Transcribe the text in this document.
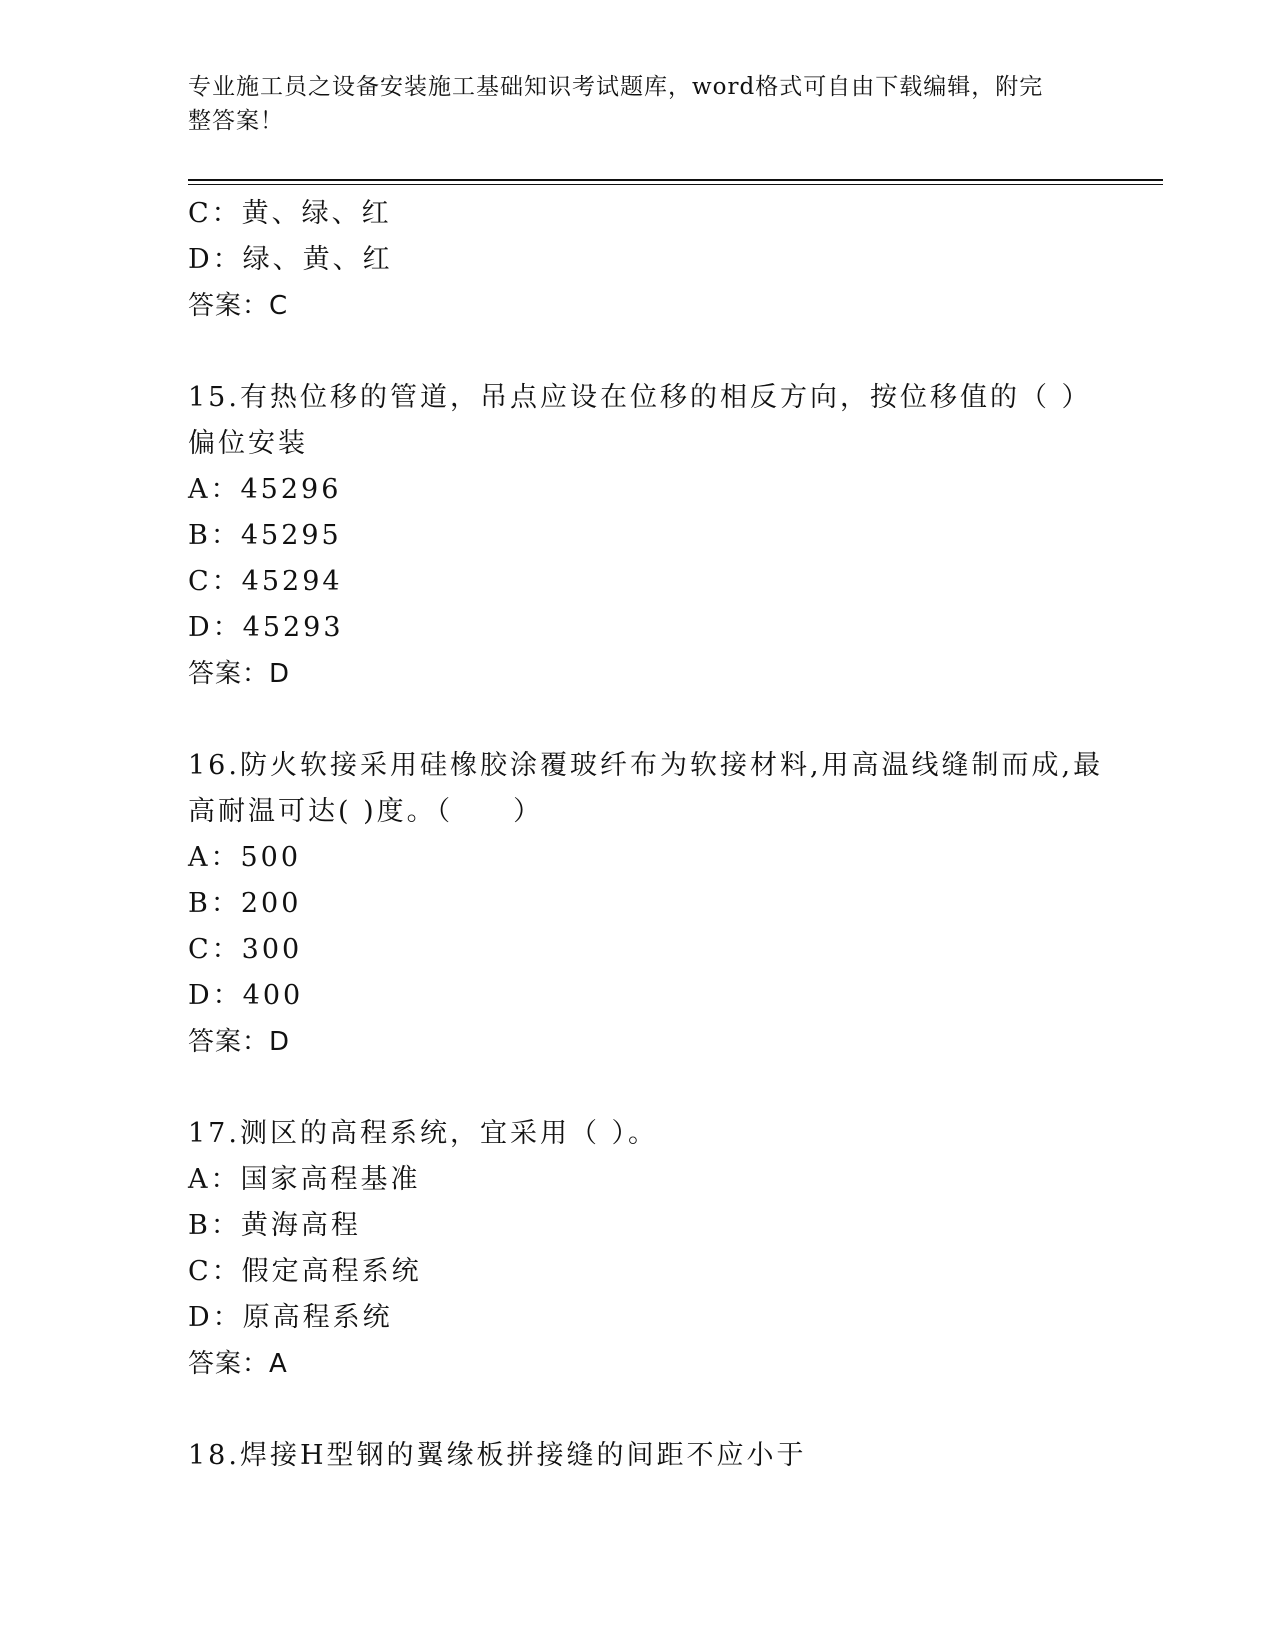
专业施工员之设备安装施工基础知识考试题库，word格式可自由下载编辑，附完
整答案！
C：黄、绿、红
D：绿、黄、红
答案：C
15.有热位移的管道，吊点应设在位移的相反方向，按位移值的（ ）
偏位安装
A：45296
B：45295
C：45294
D：45293
答案：D
16.防火软接采用硅橡胶涂覆玻纤布为软接材料,用高温线缝制而成,最
高耐温可达( )度。（　　）
A：500
B：200
C：300
D：400
答案：D
17.测区的高程系统，宜采用（ ）。
A：国家高程基准
B：黄海高程
C：假定高程系统
D：原高程系统
答案：A
18.焊接H型钢的翼缘板拼接缝的间距不应小于
